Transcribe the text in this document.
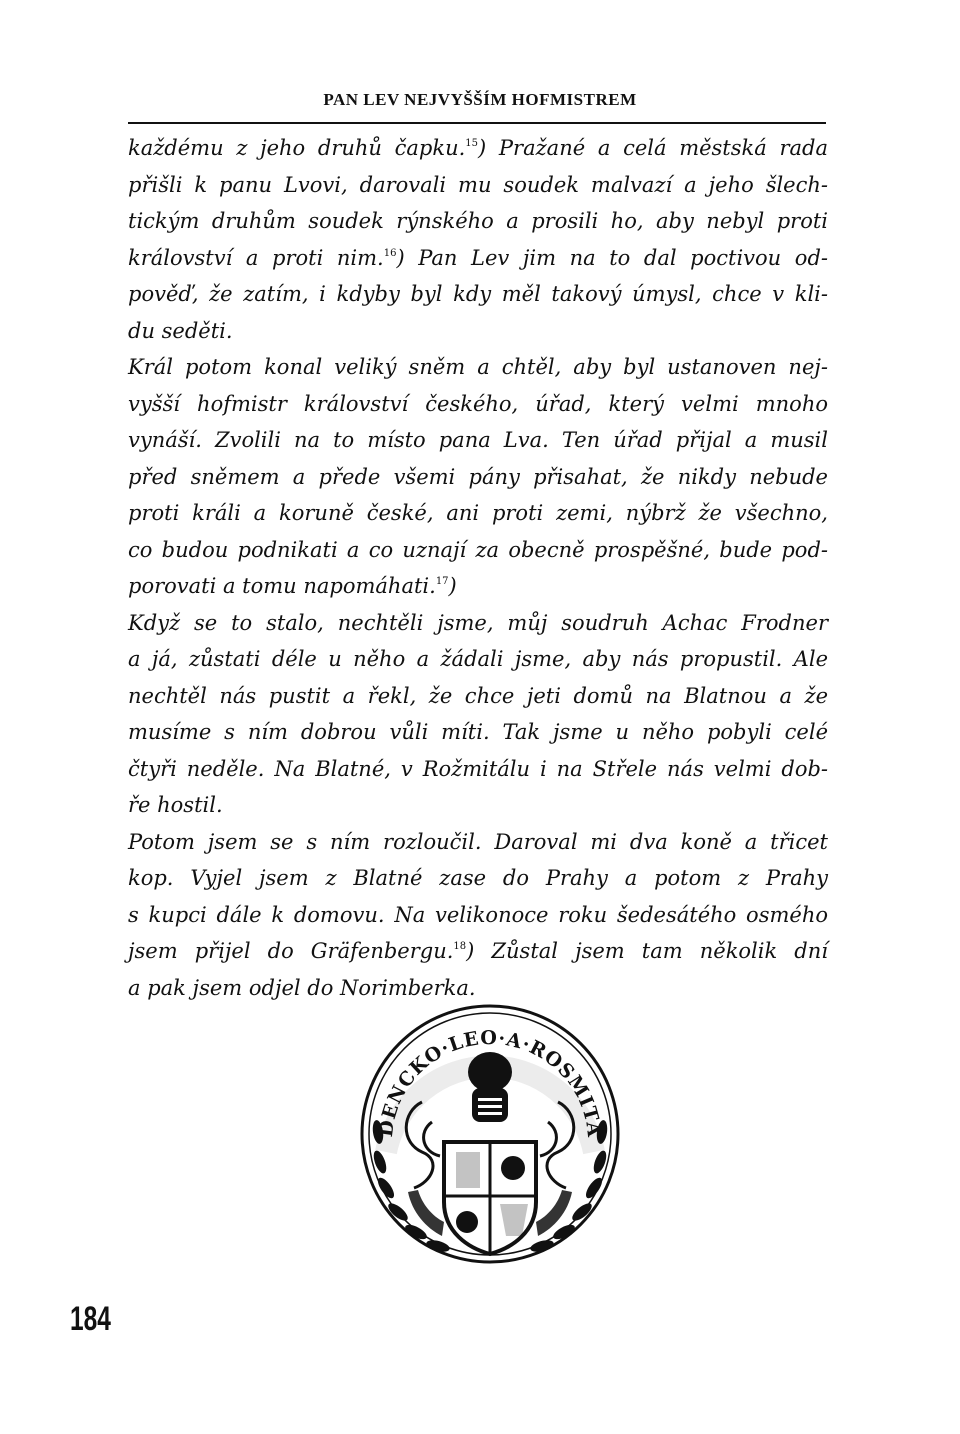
PAN LEV NEJVYŠŠÍM HOFMISTREM
každému z jeho druhů čapku.$^{15}$) Pražané a celá městská rada
přišli k panu Lvovi, darovali mu soudek malvazí a jeho šlech-
tickým druhům soudek rýnského a prosili ho, aby nebyl proti
království a proti nim.$^{16}$) Pan Lev jim na to dal poctivou od-
pověď, že zatím, i kdyby byl kdy měl takový úmysl, chce v kli-
du seděti.
Král potom konal veliký sněm a chtěl, aby byl ustanoven nej-
vyšší hofmistr království českého, úřad, který velmi mnoho
vynáší. Zvolili na to místo pana Lva. Ten úřad přijal a musil
před sněmem a přede všemi pány přisahat, že nikdy nebude
proti králi a koruně české, ani proti zemi, nýbrž že všechno,
co budou podnikati a co uznají za obecně prospěšné, bude pod-
porovati a tomu napomáhati.$^{17}$)
Když se to stalo, nechtěli jsme, můj soudruh Achac Frodner
a já, zůstati déle u něho a žádali jsme, aby nás propustil. Ale
nechtěl nás pustit a řekl, že chce jeti domů na Blatnou a že
musíme s ním dobrou vůli míti. Tak jsme u něho pobyli celé
čtyři neděle. Na Blatné, v Rožmitálu i na Střele nás velmi dob-
ře hostil.
Potom jsem se s ním rozloučil. Daroval mi dva koně a třicet
kop. Vyjel jsem z Blatné zase do Prahy a potom z Prahy
s kupci dále k domovu. Na velikonoce roku šedesátého osmého
jsem přijel do Gräfenbergu.$^{18}$) Zůstal jsem tam několik dní
a pak jsem odjel do Norimberka.
DENCKO·LEO·A·ROSMITA
184
